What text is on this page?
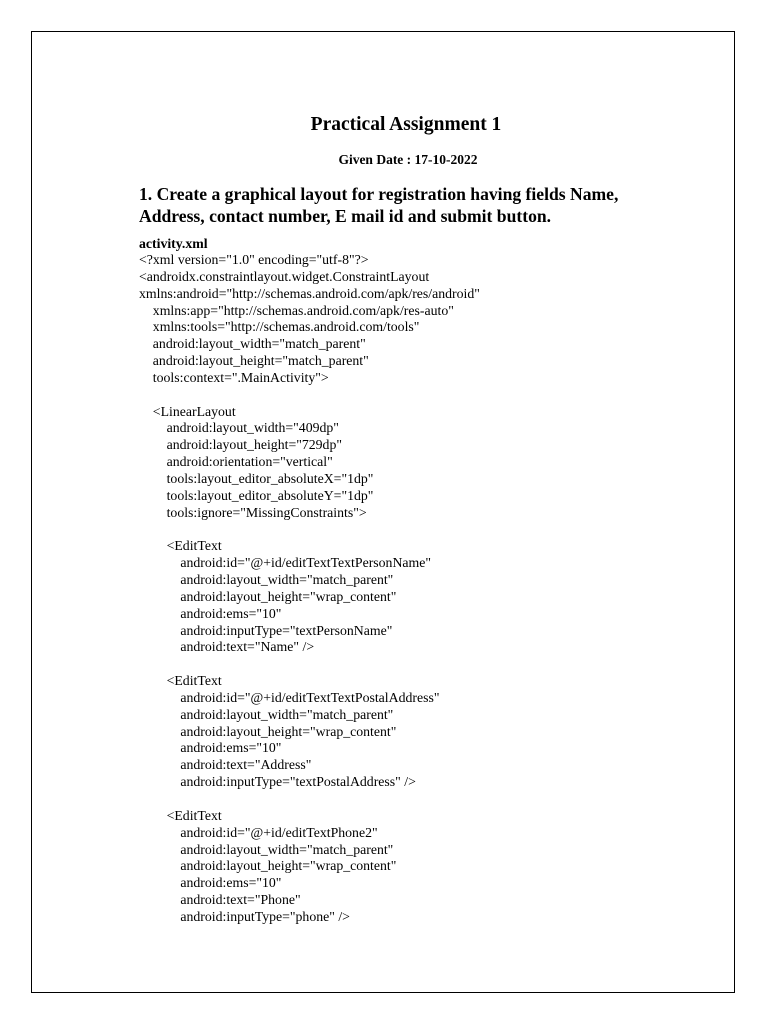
Practical Assignment 1

Given Date : 17-10-2022

1. Create a graphical layout for registration having fields Name,
Address, contact number, E mail id and submit button.

activity.xml

<?xml version="1.0" encoding="utf-8"?>
<androidx.constraintlayout.widget.ConstraintLayout
xmlns:android="http://schemas.android.com/apk/res/android"
xmlns:app="http://schemas.android.com/apk/res-auto"
xmlns:tools="http://schemas.android.com/tools"
android:layout_width="match_parent"
android:layout_height="match_parent"
tools:context=".MainActivity">
<LinearLayout
android:layout_width="409dp"
android:layout_height="729dp"
android:orientation="vertical"
tools:layout_editor_absoluteX="1dp"
tools:layout_editor_absoluteY="1dp"
tools:ignore="MissingConstraints">
<EditText
android:id="@+id/editTextTextPersonName"
android:layout_width="match_parent"
android:layout_height="wrap_content"
android:ems="10"
android:inputType="textPersonName"
android:text="Name" />
<EditText
android:id="@+id/editTextTextPostalAddress"
android:layout_width="match_parent"
android:layout_height="wrap_content"
android:ems="10"
android:text="Address"
android:inputType="textPostalAddress" />
<EditText
android:id="@+id/editTextPhone2"
android:layout_width="match_parent"
android:layout_height="wrap_content"
android:ems="10"
android:text="Phone"
android:inputType="phone" />
